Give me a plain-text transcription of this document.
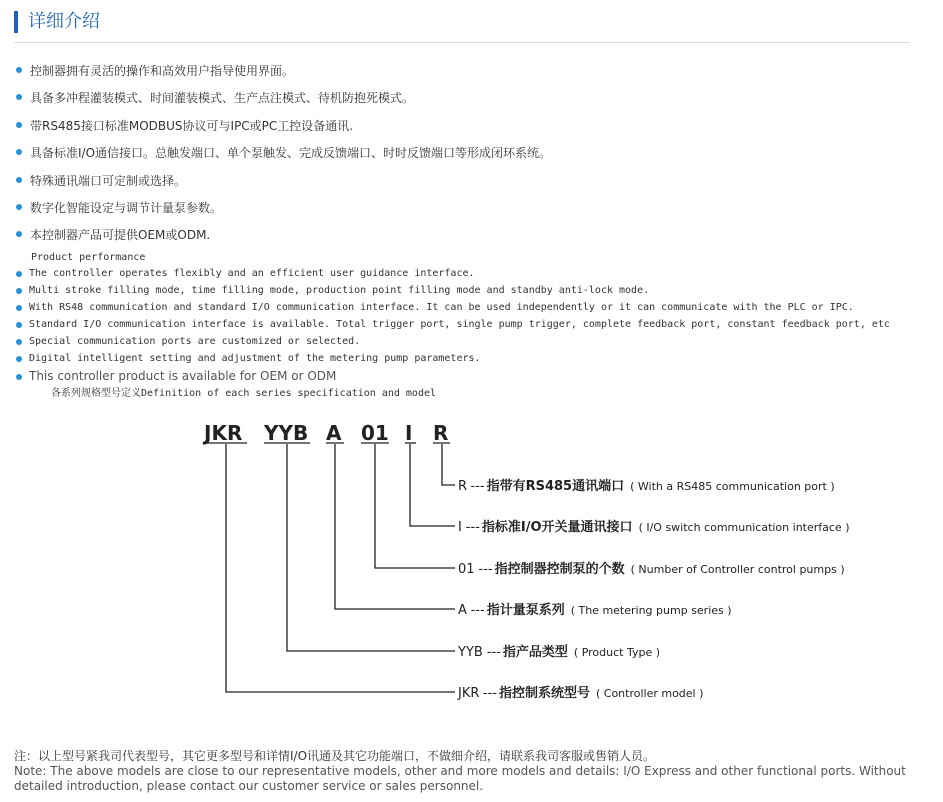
详细介绍
控制器拥有灵活的操作和高效用户指导使用界面。
具备多冲程灌装模式、时间灌装模式、生产点注模式、待机防抱死模式。
带RS485接口标准MODBUS协议可与IPC或PC工控设备通讯.
具备标准I/O通信接口。总触发端口、单个泵触发、完成反馈端口、时时反馈端口等形成闭环系统。
特殊通讯端口可定制或选择。
数字化智能设定与调节计量泵参数。
本控制器产品可提供OEM或ODM.
Product performance
The controller operates flexibly and an efficient user guidance interface.
Multi stroke filling mode, time filling mode, production point filling mode and standby anti-lock mode.
With RS48 communication and standard I/O communication interface. It can be used independently or it can communicate with the PLC or IPC.
Standard I/O communication interface is available. Total trigger port, single pump trigger, complete feedback port, constant feedback port, etc
Special communication ports are customized or selected.
Digital intelligent setting and adjustment of the metering pump parameters.
This controller product is available for OEM or ODM
各系列规格型号定义Definition of each series specification and model
JKR YYB A 01 I R
R --- 指带有RS485通讯端口 ( With a RS485 communication port )
I --- 指标准I/O开关量通讯接口 ( I/O switch communication interface )
01 --- 指控制器控制泵的个数 ( Number of Controller control pumps )
A --- 指计量泵系列 ( The metering pump series )
YYB --- 指产品类型 ( Product Type )
JKR --- 指控制系统型号 ( Controller model )
注：以上型号紧我司代表型号，其它更多型号和详情I/O讯通及其它功能端口，不做细介绍，请联系我司客服或售销人员。
Note: The above models are close to our representative models, other and more models and details: I/O Express and other functional ports. Without detailed introduction, please contact our customer service or sales personnel.
